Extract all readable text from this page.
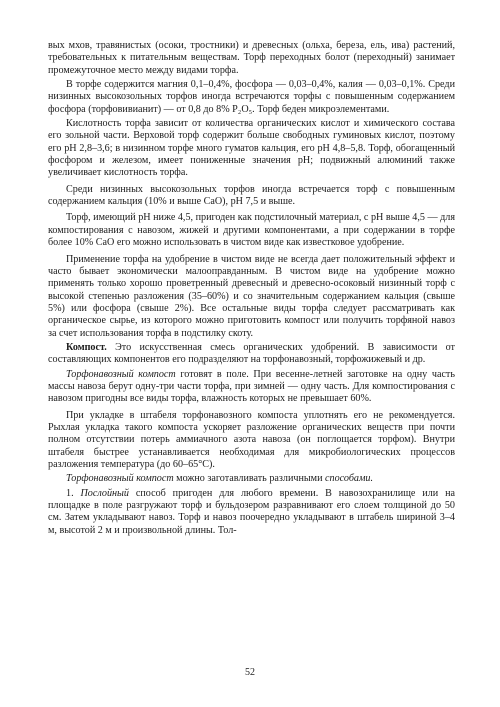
вых мхов, травянистых (осоки, тростники) и древесных (ольха, береза, ель, ива) растений, требовательных к питательным веществам. Торф переходных болот (переходный) занимает промежуточное место между видами торфа.

В торфе содержится магния 0,1–0,4%, фосфора — 0,03–0,4%, калия — 0,03–0,1%. Среди низинных высокозольных торфов иногда встречаются торфы с повышенным содержанием фосфора (торфовивианит) — от 0,8 до 8% P₂O₅. Торф беден микроэлементами.

Кислотность торфа зависит от количества органических кислот и химического состава его зольной части. Верховой торф содержит больше свободных гуминовых кислот, поэтому его pH 2,8–3,6; в низинном торфе много гуматов кальция, его pH 4,8–5,8. Торф, обогащенный фосфором и железом, имеет пониженные значения pH; подвижный алюминий также увеличивает кислотность торфа.

Среди низинных высокозольных торфов иногда встречается торф с повышенным содержанием кальция (10% и выше CaO), pH 7,5 и выше.

Торф, имеющий pH ниже 4,5, пригоден как подстилочный материал, с pH выше 4,5 — для компостирования с навозом, жижей и другими компонентами, а при содержании в торфе более 10% CaO его можно использовать в чистом виде как известковое удобрение.

Применение торфа на удобрение в чистом виде не всегда дает положительный эффект и часто бывает экономически малооправданным. В чистом виде на удобрение можно применять только хорошо проветренный древесный и древесно-осоковый низинный торф с высокой степенью разложения (35–60%) и со значительным содержанием кальция (свыше 5%) или фосфора (свыше 2%). Все остальные виды торфа следует рассматривать как органическое сырье, из которого можно приготовить компост или получить торфяной навоз за счет использования торфа в подстилку скоту.

Компост. Это искусственная смесь органических удобрений. В зависимости от составляющих компонентов его подразделяют на торфонавозный, торфожижевый и др.

Торфонавозный компост готовят в поле. При весенне-летней заготовке на одну часть массы навоза берут одну-три части торфа, при зимней — одну часть. Для компостирования с навозом пригодны все виды торфа, влажность которых не превышает 60%.

При укладке в штабеля торфонавозного компоста уплотнять его не рекомендуется. Рыхлая укладка такого компоста ускоряет разложение органических веществ при почти полном отсутствии потерь аммиачного азота навоза (он поглощается торфом). Внутри штабеля быстрее устанавливается необходимая для микробиологических процессов разложения температура (до 60–65°С).

Торфонавозный компост можно заготавливать различными способами.

1. Послойный способ пригоден для любого времени. В навозохранилище или на площадке в поле разгружают торф и бульдозером разравнивают его слоем толщиной до 50 см. Затем укладывают навоз. Торф и навоз поочередно укладывают в штабель шириной 3–4 м, высотой 2 м и произвольной длины. Тол-

52
